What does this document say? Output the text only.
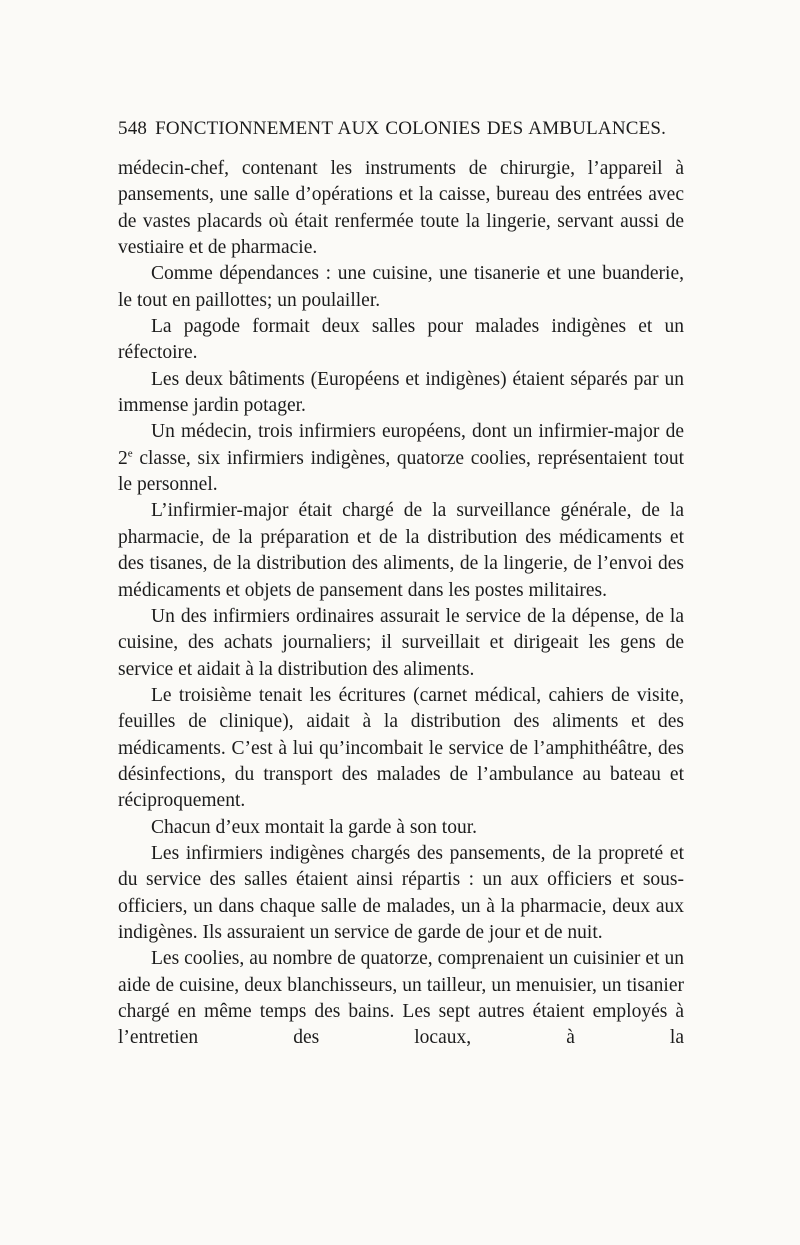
548 FONCTIONNEMENT AUX COLONIES DES AMBULANCES.

médecin-chef, contenant les instruments de chirurgie, l’appareil à pansements, une salle d’opérations et la caisse, bureau des entrées avec de vastes placards où était renfermée toute la lingerie, servant aussi de vestiaire et de pharmacie.

Comme dépendances : une cuisine, une tisanerie et une buanderie, le tout en paillottes; un poulailler.

La pagode formait deux salles pour malades indigènes et un réfectoire.

Les deux bâtiments (Européens et indigènes) étaient séparés par un immense jardin potager.

Un médecin, trois infirmiers européens, dont un infirmier-major de 2e classe, six infirmiers indigènes, quatorze coolies, représentaient tout le personnel.

L’infirmier-major était chargé de la surveillance générale, de la pharmacie, de la préparation et de la distribution des médicaments et des tisanes, de la distribution des aliments, de la lingerie, de l’envoi des médicaments et objets de pansement dans les postes militaires.

Un des infirmiers ordinaires assurait le service de la dépense, de la cuisine, des achats journaliers; il surveillait et dirigeait les gens de service et aidait à la distribution des aliments.

Le troisième tenait les écritures (carnet médical, cahiers de visite, feuilles de clinique), aidait à la distribution des aliments et des médicaments. C’est à lui qu’incombait le service de l’amphithéâtre, des désinfections, du transport des malades de l’ambulance au bateau et réciproquement.

Chacun d’eux montait la garde à son tour.

Les infirmiers indigènes chargés des pansements, de la propreté et du service des salles étaient ainsi répartis : un aux officiers et sous-officiers, un dans chaque salle de malades, un à la pharmacie, deux aux indigènes. Ils assuraient un service de garde de jour et de nuit.

Les coolies, au nombre de quatorze, comprenaient un cuisinier et un aide de cuisine, deux blanchisseurs, un tailleur, un menuisier, un tisanier chargé en même temps des bains. Les sept autres étaient employés à l’entretien des locaux, à la
